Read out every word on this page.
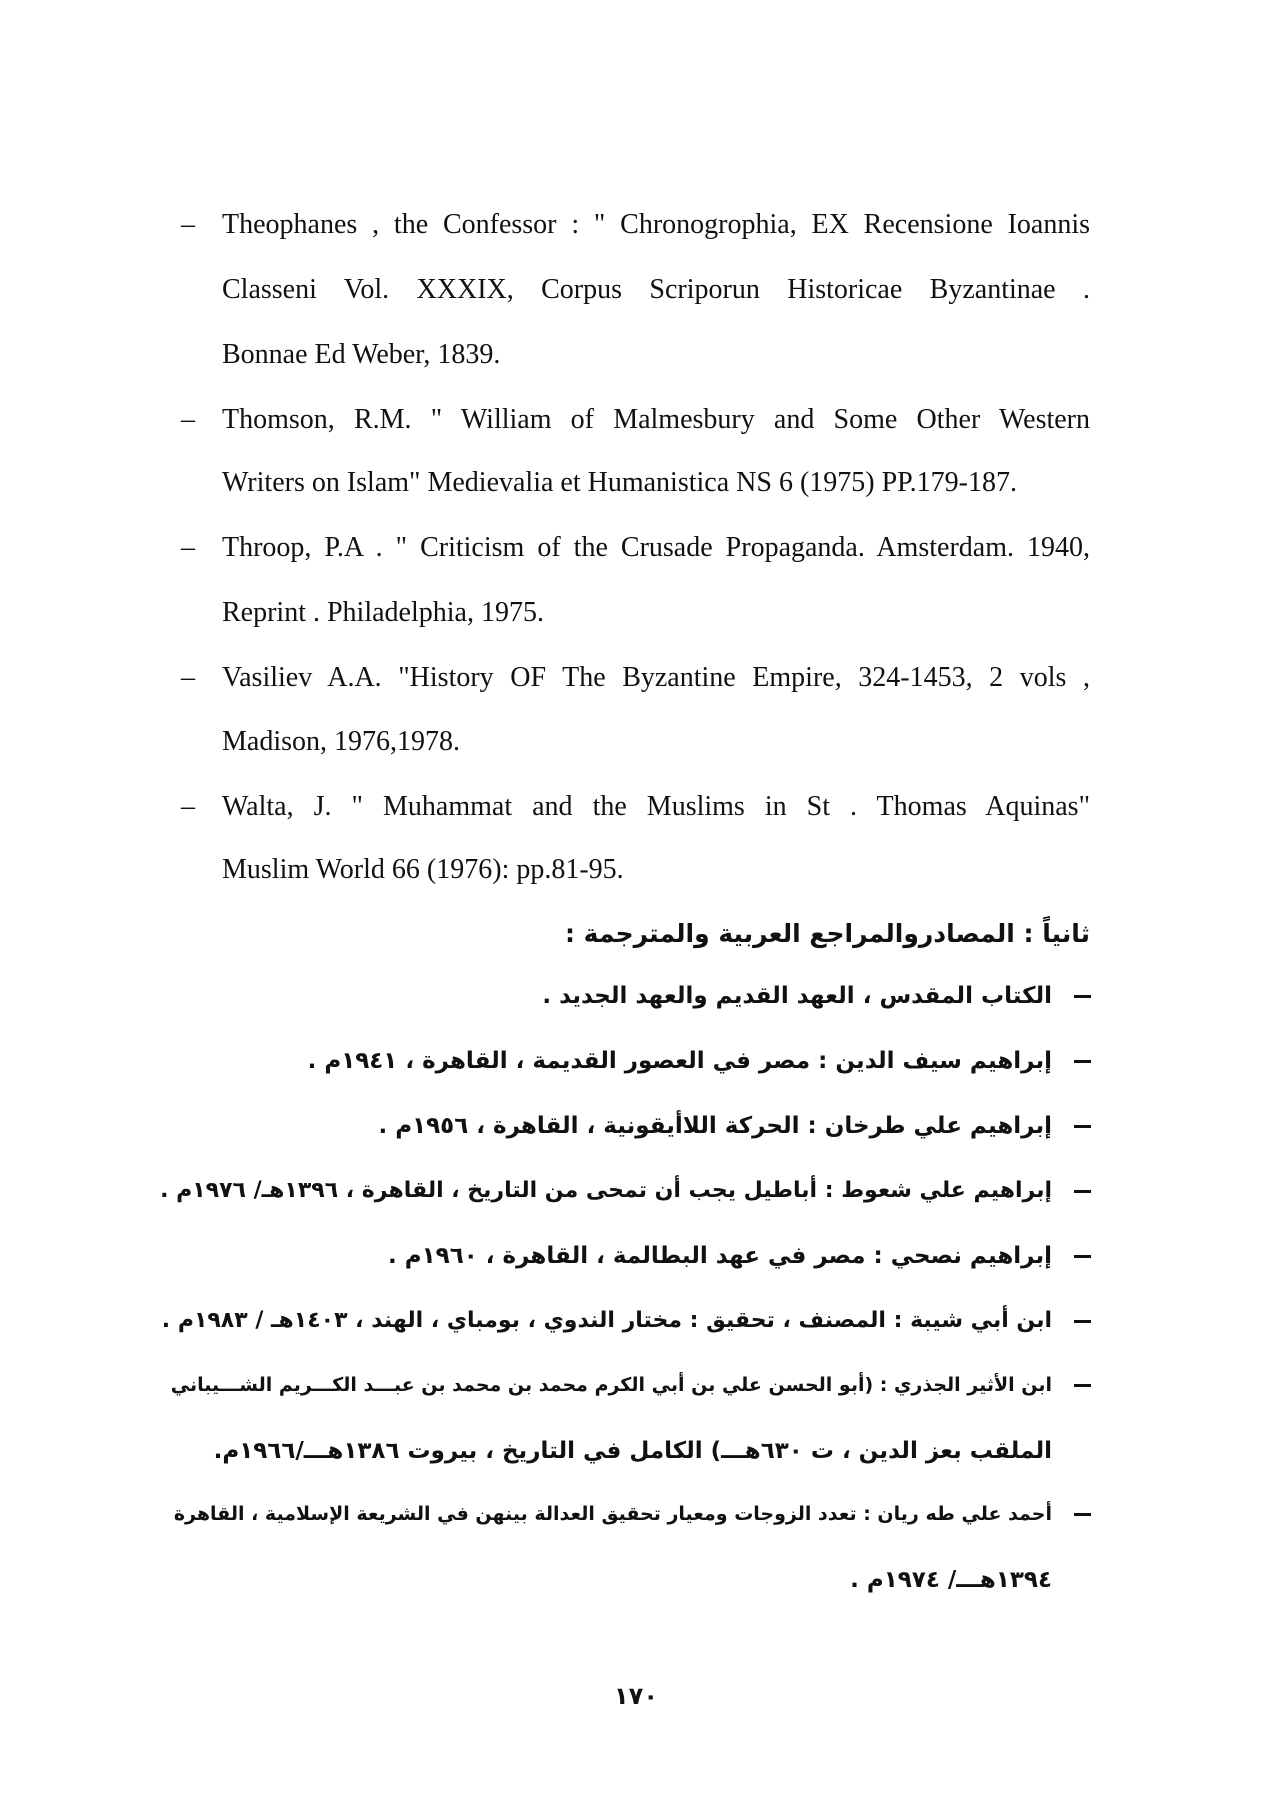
– Theophanes , the Confessor : " Chronogrophia, EX Recensione Ioannis
Classeni Vol. XXXIX, Corpus Scriporun Historicae Byzantinae .
Bonnae Ed Weber, 1839.
– Thomson, R.M. " William of Malmesbury and Some Other Western
Writers on Islam" Medievalia et Humanistica NS 6 (1975) PP.179-187.
– Throop, P.A . " Criticism of the Crusade Propaganda. Amsterdam. 1940,
Reprint . Philadelphia, 1975.
– Vasiliev A.A. "History OF The Byzantine Empire, 324-1453, 2 vols ,
Madison, 1976,1978.
– Walta, J. " Muhammat and the Muslims in St . Thomas Aquinas"
Muslim World 66 (1976): pp.81-95.
ثانياً : المصادروالمراجع العربية والمترجمة :
الكتاب المقدس ، العهد القديم والعهد الجديد .
إبراهيم سيف الدين : مصر في العصور القديمة ، القاهرة ، ١٩٤١م .
إبراهيم علي طرخان : الحركة اللاأيقونية ، القاهرة ، ١٩٥٦م .
إبراهيم علي شعوط : أباطيل يجب أن تمحى من التاريخ ، القاهرة ، ١٣٩٦هـ/ ١٩٧٦م .
إبراهيم نصحي : مصر في عهد البطالمة ، القاهرة ، ١٩٦٠م .
ابن أبي شيبة : المصنف ، تحقيق : مختار الندوي ، بومباي ، الهند ، ١٤٠٣هـ / ١٩٨٣م .
ابن الأثير الجذري : (أبو الحسن علي بن أبي الكرم محمد بن محمد بن عبـــد الكـــريم الشـــيباني
الملقب بعز الدين ، ت ٦٣٠هـــ) الكامل في التاريخ ، بيروت ١٣٨٦هـــ/١٩٦٦م.
أحمد علي طه ريان : تعدد الزوجات ومعيار تحقيق العدالة بينهن في الشريعة الإسلامية ، القاهرة
١٣٩٤هـــ/ ١٩٧٤م .
١٧٠
